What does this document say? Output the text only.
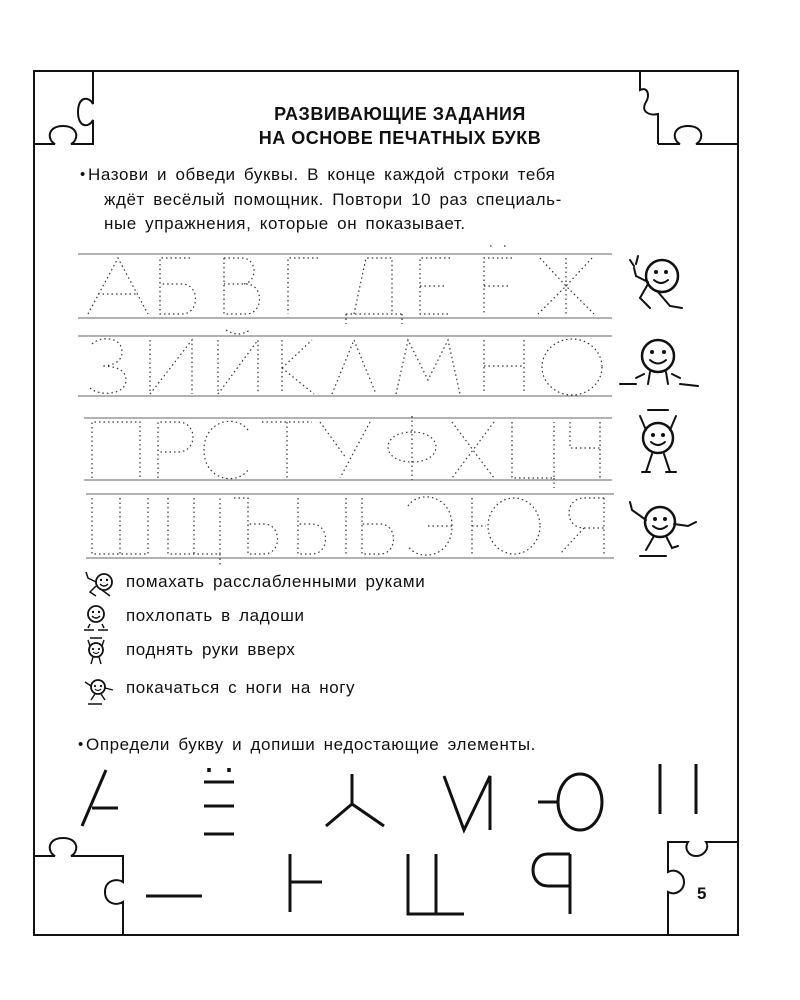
РАЗВИВАЮЩИЕ ЗАДАНИЯ
НА ОСНОВЕ ПЕЧАТНЫХ БУКВ
• Назови и обведи буквы. В конце каждой строки тебя
ждёт весёлый помощник. Повтори 10 раз специаль-
ные упражнения, которые он показывает.
помахать расслабленными руками
похлопать в ладоши
поднять руки вверх
покачаться с ноги на ногу
• Определи букву и допиши недостающие элементы.
5
